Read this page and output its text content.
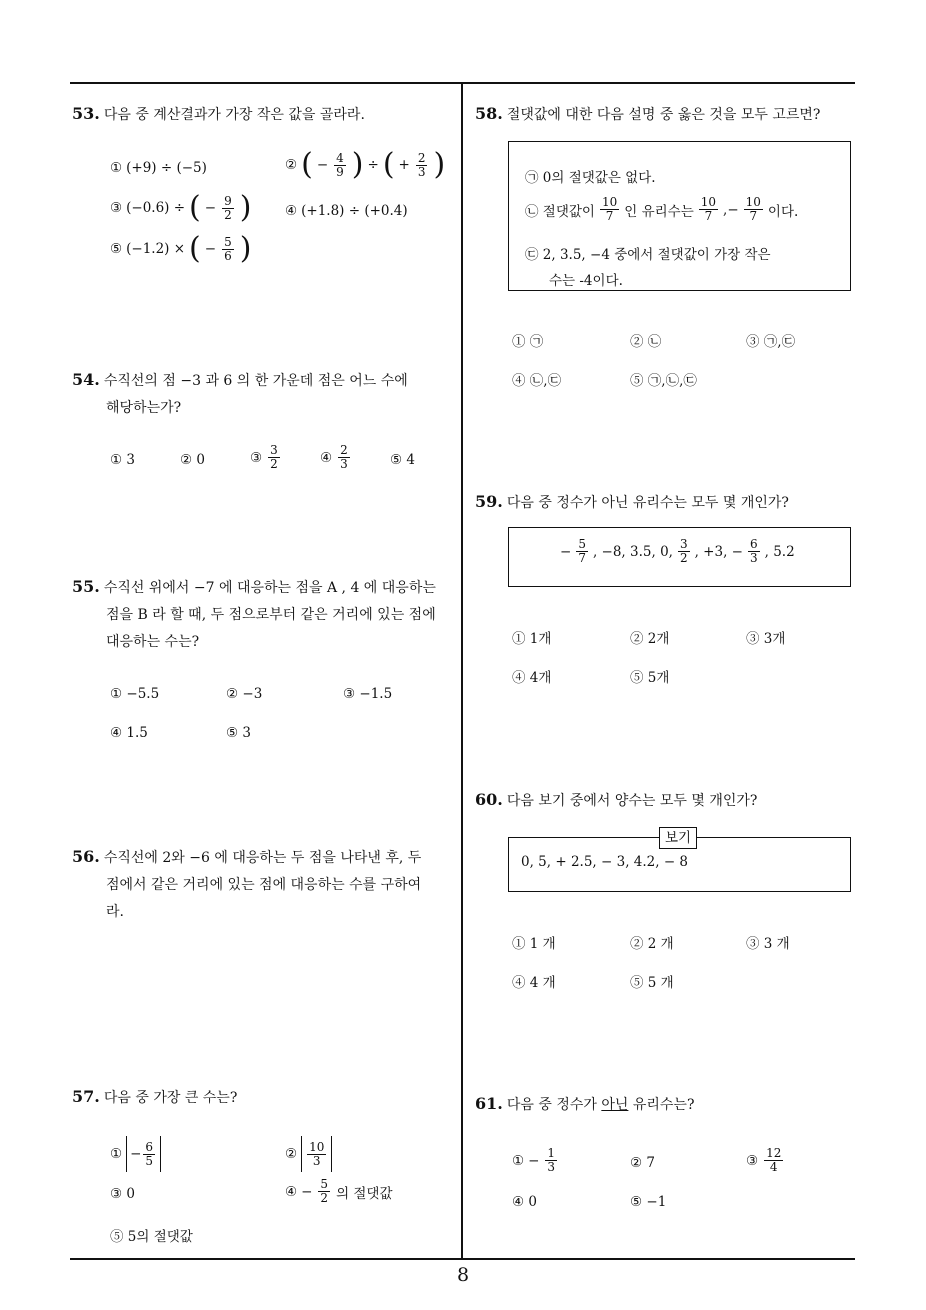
53. 다음 중 계산결과가 가장 작은 값을 골라라.
① (+9) ÷ (−5)	② ( − $\frac{4}{9}$ ) ÷ ( + $\frac{2}{3}$ )
③ (−0.6) ÷ ( − $\frac{9}{2}$ ) ④ (+1.8) ÷ (+0.4)
⑤ (−1.2) × ( − $\frac{5}{6}$ )
54. 수직선의 점 −3 과 6 의 한 가운데 점은 어느 수에
해당하는가?
① 3	② 0	③ $\frac{3}{2}$	④ $\frac{2}{3}$	⑤ 4
55. 수직선 위에서 −7 에 대응하는 점을 A , 4 에 대응하는
점을 B 라 할 때, 두 점으로부터 같은 거리에 있는 점에
대응하는 수는?
① −5.5	② −3	③ −1.5
④ 1.5	⑤ 3
56. 수직선에 2와 −6 에 대응하는 두 점을 나타낸 후, 두
점에서 같은 거리에 있는 점에 대응하는 수를 구하여
라.
57. 다음 중 가장 큰 수는?
① − $\frac{6}{5}$	② $\frac{10}{3}$
③ 0	④ − $\frac{5}{2}$ 의 절댓값
⑤ 5의 절댓값
58. 절댓값에 대한 다음 설명 중 옳은 것을 모두 고르면?
㉠ 0의 절댓값은 없다.
㉡ 절댓값이 $\frac{10}{7}$ 인 유리수는 $\frac{10}{7}$ ,− $\frac{10}{7}$ 이다.
㉢ 2, 3.5, −4 중에서 절댓값이 가장 작은
수는 -4이다.
① ㉠	② ㉡	③ ㉠,㉢
④ ㉡,㉢	⑤ ㉠,㉡,㉢
59. 다음 중 정수가 아닌 유리수는 모두 몇 개인가?
− $\frac{5}{7}$ , −8, 3.5, 0, $\frac{3}{2}$ , +3, − $\frac{6}{3}$ , 5.2
① 1개	② 2개	③ 3개
④ 4개	⑤ 5개
60. 다음 보기 중에서 양수는 모두 몇 개인가?
보기
0, 5, + 2.5, − 3, 4.2, − 8
① 1 개	② 2 개	③ 3 개
④ 4 개	⑤ 5 개
61. 다음 중 정수가 아닌 유리수는?
① − $\frac{1}{3}$	② 7	③ $\frac{12}{4}$
④ 0	⑤ −1
8
